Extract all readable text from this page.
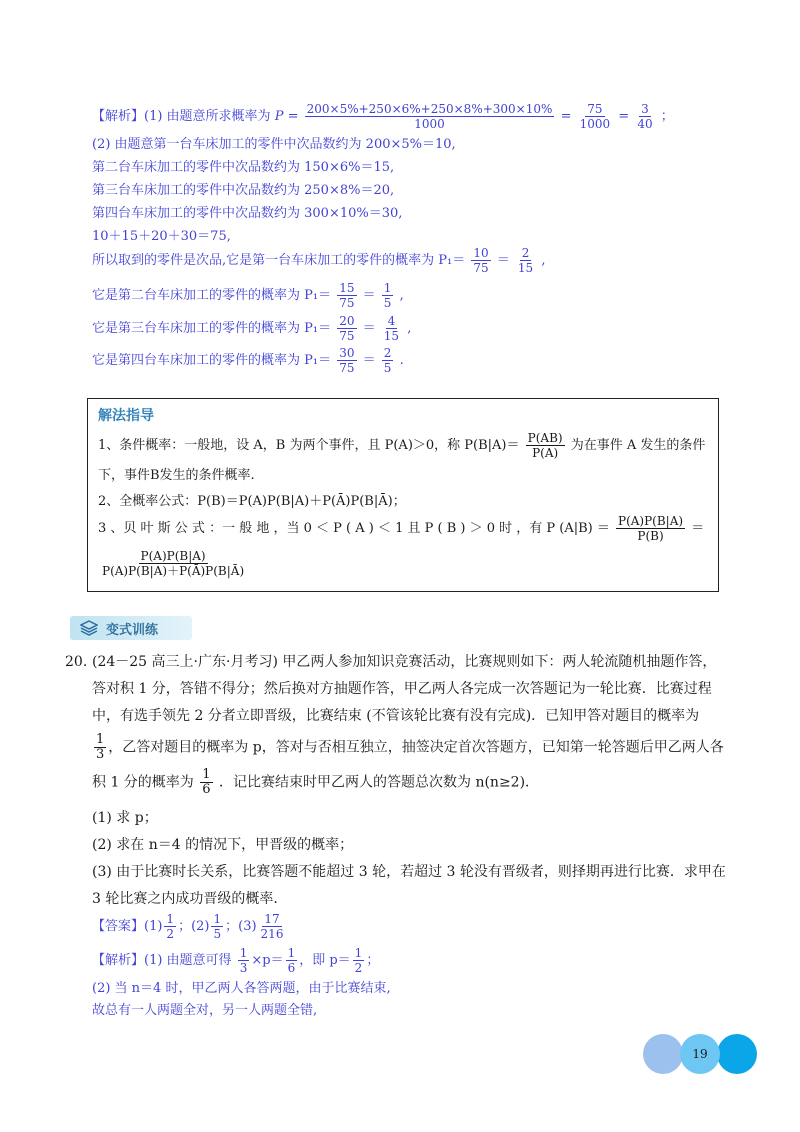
【解析】(1) 由题意所求概率为 $P = \frac{200\times 5\%+250\times 6\%+250\times 8\%+300\times 10\%}{1000} = \frac{75}{1000} = \frac{3}{40}$ ；
(2) 由题意第一台车床加工的零件中次品数约为 200×5%＝10,
第二台车床加工的零件中次品数约为 150×6%＝15,
第三台车床加工的零件中次品数约为 250×8%＝20,
第四台车床加工的零件中次品数约为 300×10%＝30,
10＋15＋20＋30＝75,
所以取到的零件是次品,它是第一台车床加工的零件的概率为 $P_1= \frac{10}{75} = \frac{2}{15}$ ,
它是第二台车床加工的零件的概率为 $P_1= \frac{15}{75} = \frac{1}{5}$ ,
它是第三台车床加工的零件的概率为 $P_1= \frac{20}{75} = \frac{4}{15}$ ,
它是第四台车床加工的零件的概率为 $P_1= \frac{30}{75} = \frac{2}{5}$ .
解法指导
1、条件概率：一般地，设 A，B 为两个事件，且 P(A)＞0，称 $P(B|A)= \frac{P(AB)}{P(A)}$ 为在事件 A 发生的条件
下，事件B发生的条件概率.
2、全概率公式：P(B)＝P(A)P(B|A)＋P(Ā)P(B|Ā)；
3 、贝 叶 斯 公 式 ：一 般 地 ，当 0 ＜ P ( A ) ＜ 1 且 P ( B ) ＞ 0 时 ，有 P $(A|B) = \frac{P(A)P(B|A)}{P(B)}$ ＝
$\frac{P(A)P(B|A)}{P(A)P(B|A)+P(Ā)P(B|Ā)}$
变式训练
20. (24－25 高三上·广东·月考习) 甲乙两人参加知识竞赛活动，比赛规则如下：两人轮流随机抽题作答，
答对积 1 分，答错不得分；然后换对方抽题作答，甲乙两人各完成一次答题记为一轮比赛．比赛过程
中，有选手领先 2 分者立即晋级，比赛结束 (不管该轮比赛有没有完成)．已知甲答对题目的概率为
$\frac{1}{3}$ ，乙答对题目的概率为 p，答对与否相互独立，抽签决定首次答题方，已知第一轮答题后甲乙两人各
积 1 分的概率为 $\frac{1}{6}$ ．记比赛结束时甲乙两人的答题总次数为 n(n≥2)．
(1) 求 p；
(2) 求在 n＝4 的情况下，甲晋级的概率；
(3) 由于比赛时长关系，比赛答题不能超过 3 轮，若超过 3 轮没有晋级者，则择期再进行比赛．求甲在
3 轮比赛之内成功晋级的概率.
【答案】$(1) \frac{1}{2}$ ；$(2) \frac{1}{5}$ ；$(3) \frac{17}{216}$
【解析】(1) 由题意可得 $\frac{1}{3} \times p= \frac{1}{6}$ ，即 $p= \frac{1}{2}$ ；
(2) 当 n＝4 时，甲乙两人各答两题，由于比赛结束,
故总有一人两题全对，另一人两题全错,
19
